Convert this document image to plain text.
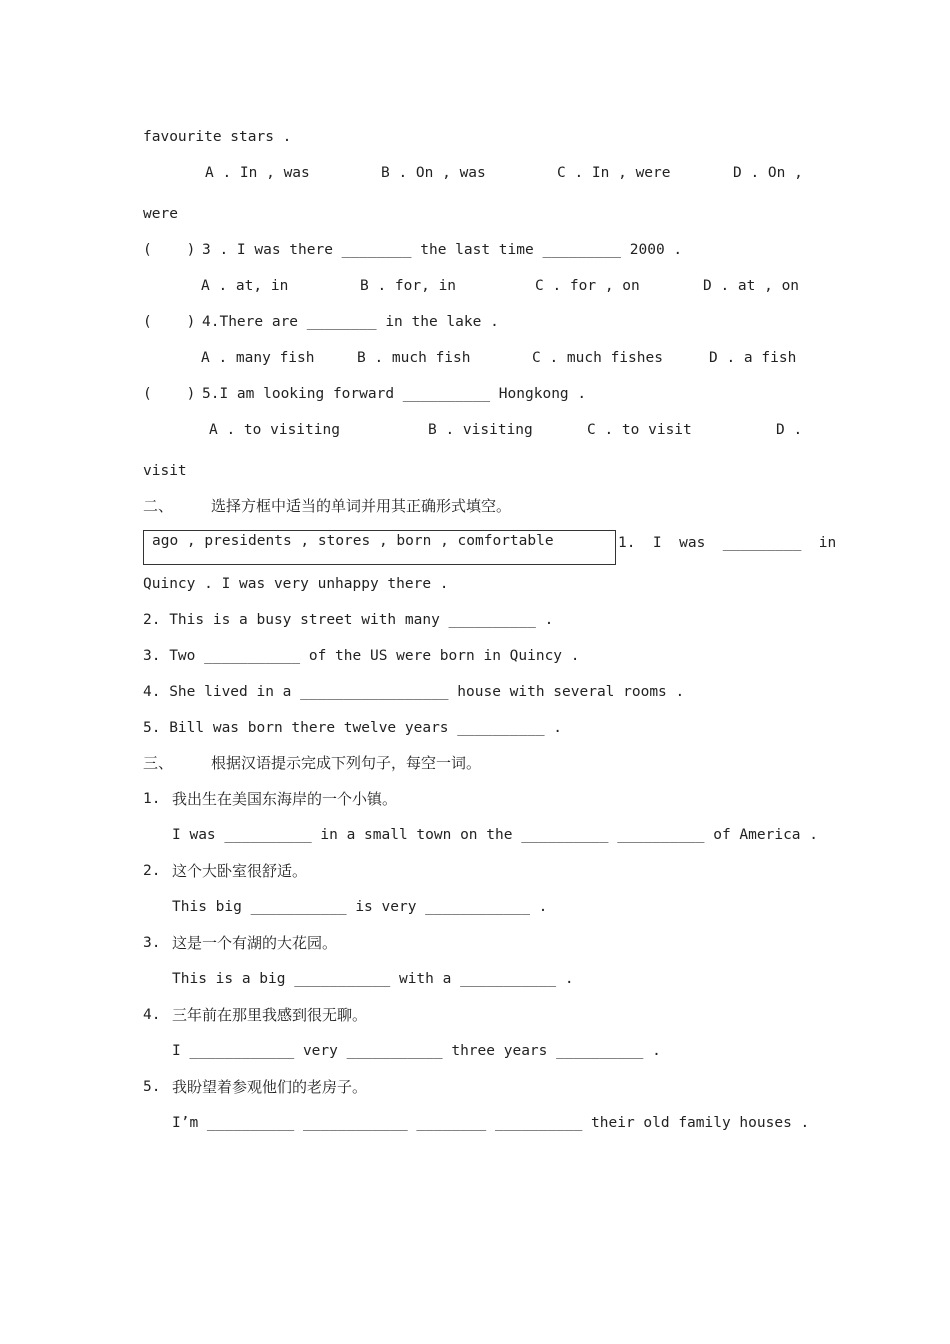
favourite stars .
A . In , was	B . On , was	C . In , were	D . On ,
were
(    ) 3 . I was there ________ the last time _________ 2000 .
A . at, in	B . for, in	C . for , on	D . at , on
(    ) 4.There are ________ in the lake .
A . many fish	B . much fish	C . much fishes	D . a fish
(    ) 5.I am looking forward __________ Hongkong .
A . to visiting	B . visiting	C . to visit	D .
visit
二、	选择方框中适当的单词并用其正确形式填空。
ago , presidents , stores , born , comfortable	1.  I  was  _________  in
Quincy . I was very unhappy there .
2. This is a busy street with many __________ .
3. Two ___________ of the US were born in Quincy .
4. She lived in a _________________ house with several rooms .
5. Bill was born there twelve years __________ .
三、	根据汉语提示完成下列句子，每空一词。
1. 我出生在美国东海岸的一个小镇。
I was __________ in a small town on the __________ __________ of America .
2. 这个大卧室很舒适。
This big ___________ is very ____________ .
3. 这是一个有湖的大花园。
This is a big ___________ with a ___________ .
4. 三年前在那里我感到很无聊。
I ____________ very ___________ three years __________ .
5. 我盼望着参观他们的老房子。
I’m __________ ____________ ________ __________ their old family houses .
